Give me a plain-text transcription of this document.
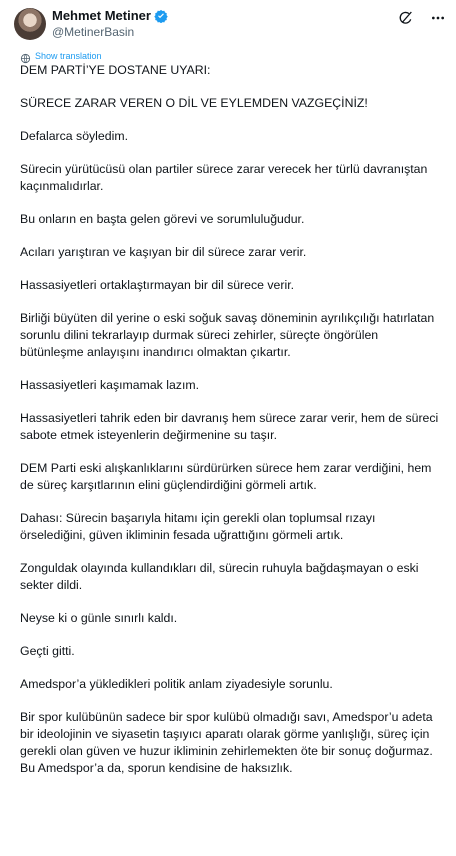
Mehmet Metiner
@MetinerBasin
Show translation

DEM PARTİ’YE DOSTANE UYARI:

SÜRECE ZARAR VEREN O DİL VE EYLEMDEN VAZGEÇİNİZ!

Defalarca söyledim.

Sürecin yürütücüsü olan partiler sürece zarar verecek her türlü davranıştan kaçınmalıdırlar.

Bu onların en başta gelen görevi ve sorumluluğudur.

Acıları yarıştıran ve kaşıyan bir dil sürece zarar verir.

Hassasiyetleri ortaklaştırmayan bir dil sürece verir.

Birliği büyüten dil yerine o eski soğuk savaş döneminin ayrılıkçılığı hatırlatan sorunlu dilini tekrarlayıp durmak süreci zehirler, süreçte öngörülen bütünleşme anlayışını inandırıcı olmaktan çıkartır.

Hassasiyetleri kaşımamak lazım.

Hassasiyetleri tahrik eden bir davranış hem sürece zarar verir, hem de süreci sabote etmek isteyenlerin değirmenine su taşır.

DEM Parti eski alışkanlıklarını sürdürürken sürece hem zarar verdiğini, hem de süreç karşıtlarının elini güçlendirdiğini görmeli artık.

Dahası: Sürecin başarıyla hitamı için gerekli olan toplumsal rızayı örselediğini, güven ikliminin fesada uğrattığını görmeli artık.

Zonguldak olayında kullandıkları dil, sürecin ruhuyla bağdaşmayan o eski sekter dildi.

Neyse ki o günle sınırlı kaldı.

Geçti gitti.

Amedspor’a yükledikleri politik anlam ziyadesiyle sorunlu.

Bir spor kulübünün sadece bir spor kulübü olmadığı savı, Amedspor’u adeta bir ideolojinin ve siyasetin taşıyıcı aparatı olarak görme yanlışlığı, süreç için gerekli olan güven ve huzur ikliminin zehirlemekten öte bir sonuç doğurmaz. Bu Amedspor’a da, sporun kendisine de haksızlık.
